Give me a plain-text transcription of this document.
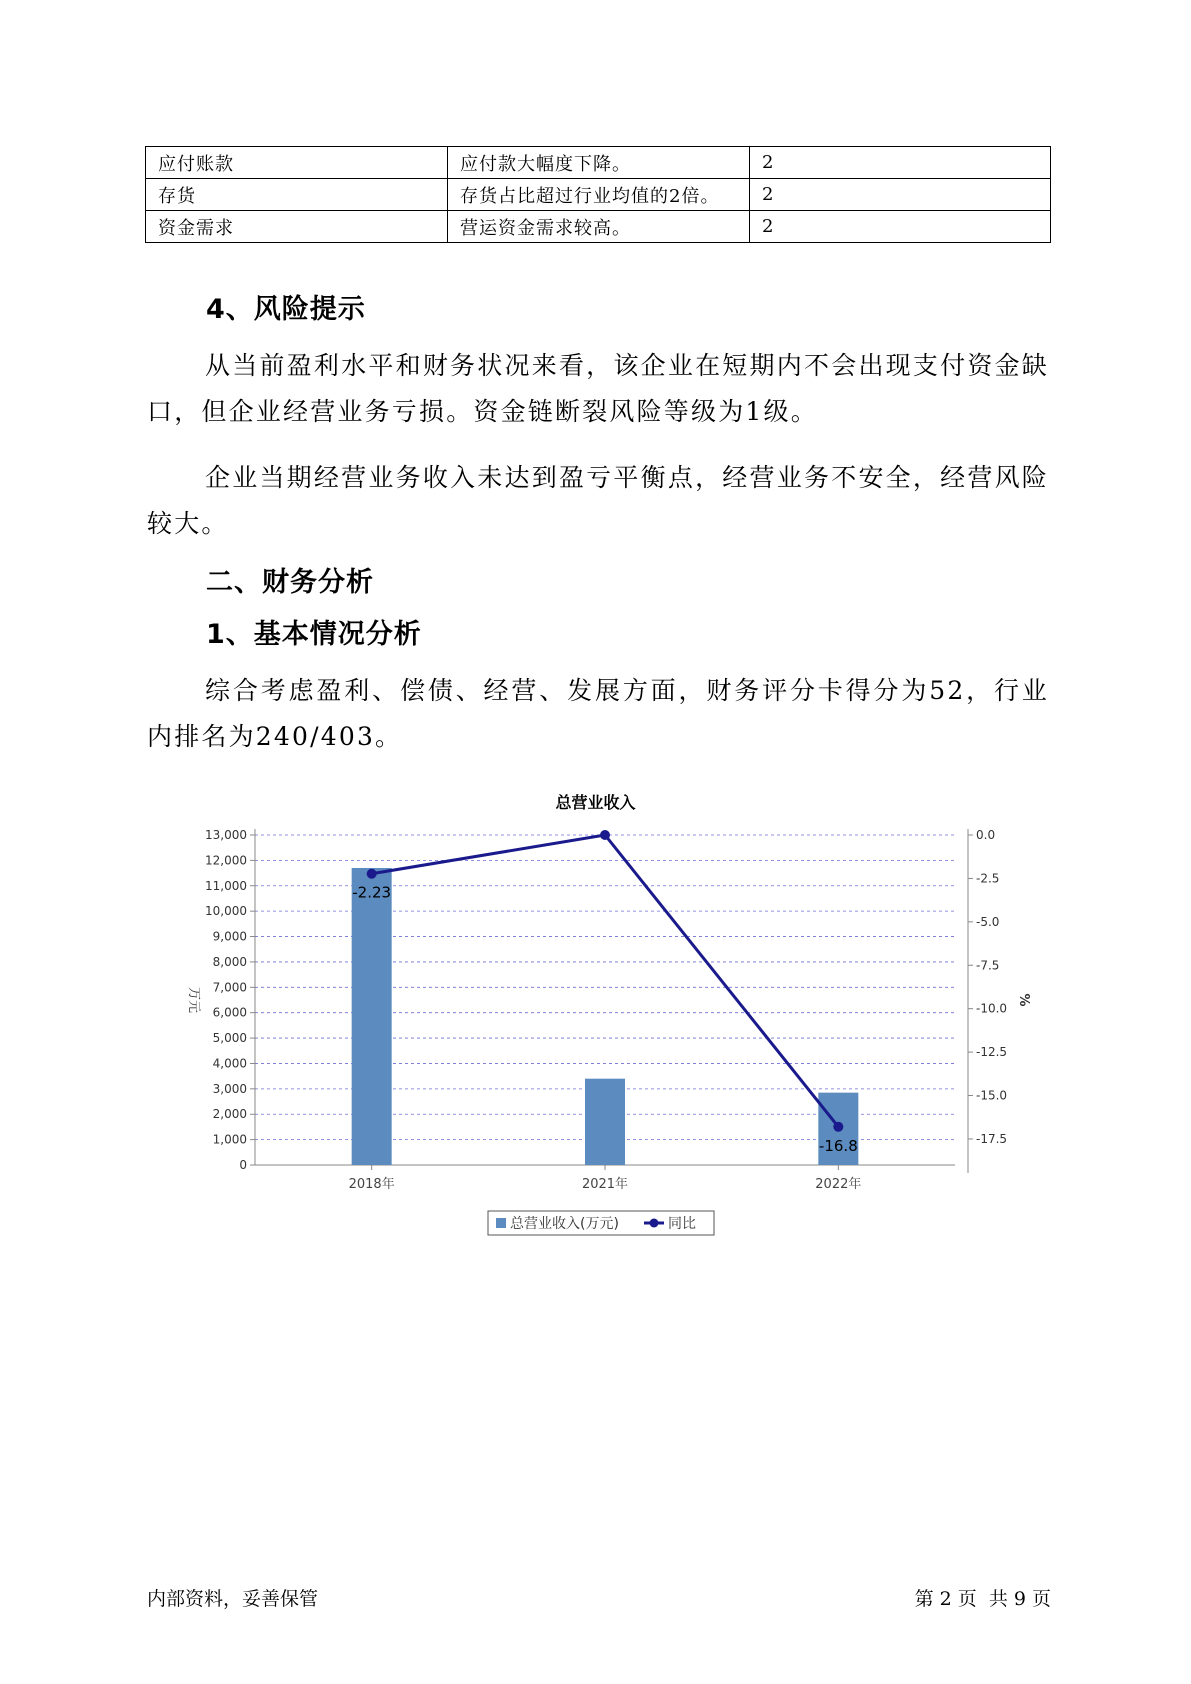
应付账款	应付款大幅度下降。	2
存货	存货占比超过行业均值的2倍。	2
资金需求	营运资金需求较高。	2
4、风险提示

从当前盈利水平和财务状况来看，该企业在短期内不会出现支付资金缺口，但企业经营业务亏损。资金链断裂风险等级为1级。

企业当期经营业务收入未达到盈亏平衡点，经营业务不安全，经营风险较大。

二、财务分析
1、基本情况分析

综合考虑盈利、偿债、经营、发展方面，财务评分卡得分为52，行业内排名为240/403。

总营业收入
0
1,000
2,000
3,000
4,000
5,000
6,000
7,000
8,000
9,000
10,000
11,000
12,000
13,000
万元
0.0
-2.5
-5.0
-7.5
-10.0
-12.5
-15.0
-17.5
%
2018年	2021年	2022年
-2.23
-16.8
总营业收入(万元)	同比
内部资料，妥善保管	第 2 页  共 9 页
